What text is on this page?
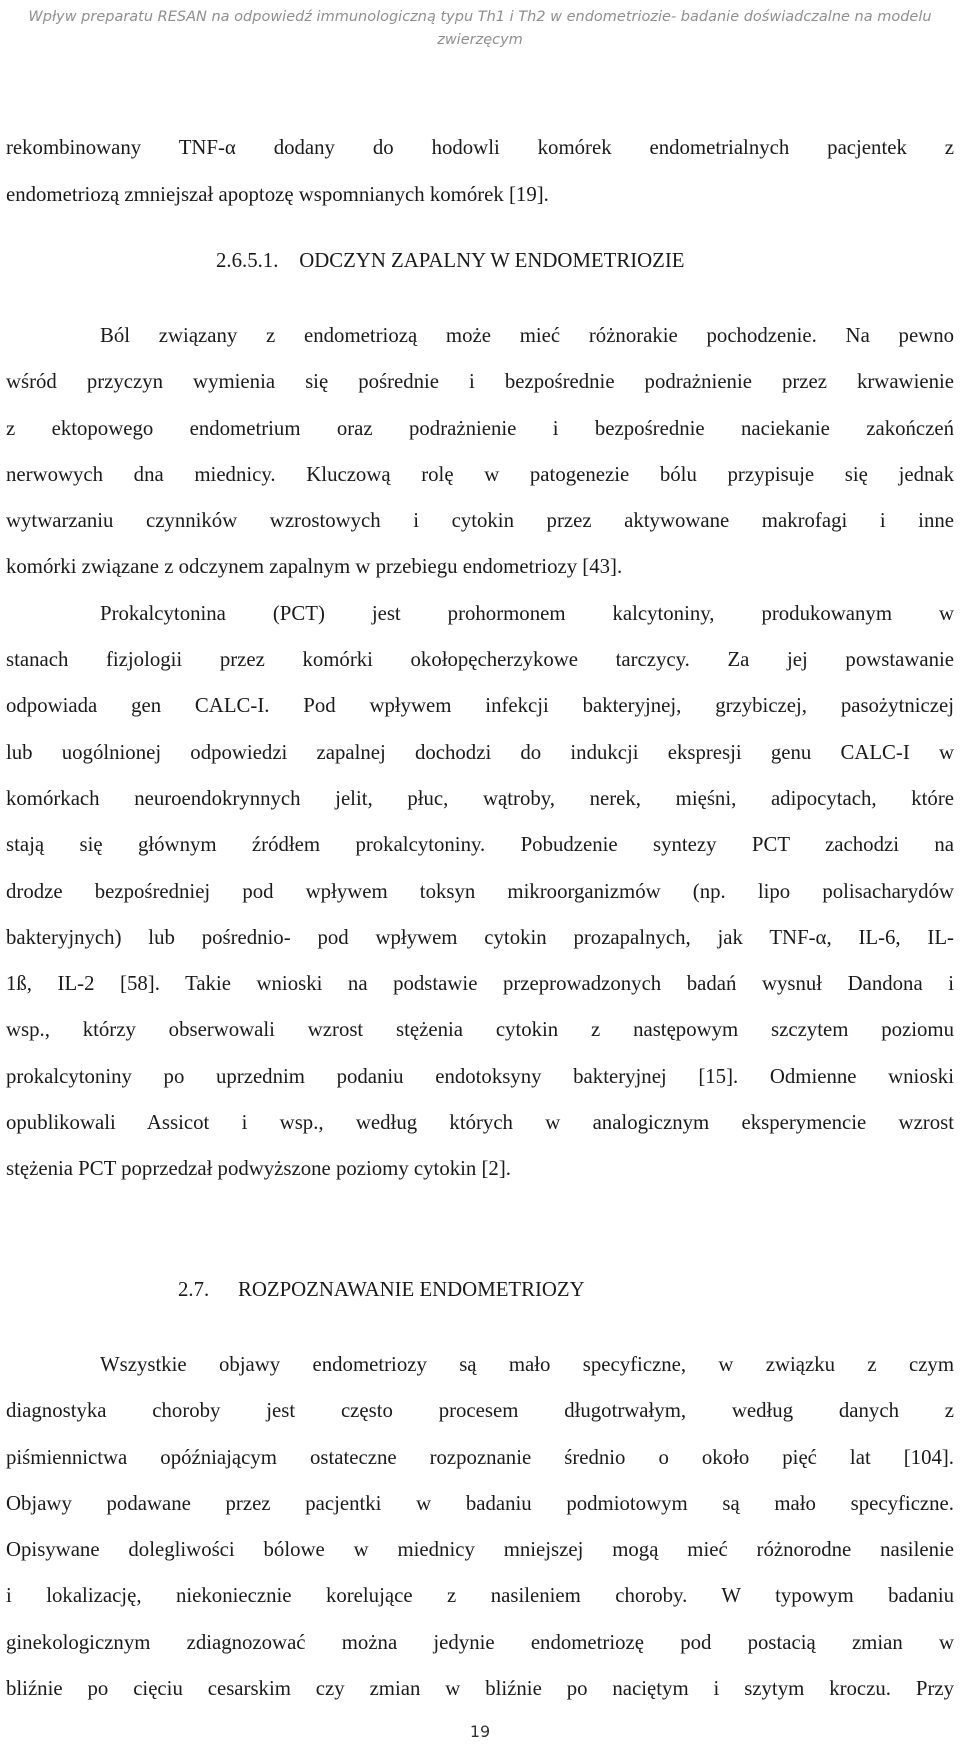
Wpływ preparatu RESAN na odpowiedź immunologiczną typu Th1 i Th2 w endometriozie- badanie doświadczalne na modelu
zwierzęcym
rekombinowany TNF-α dodany do hodowli komórek endometrialnych pacjentek z
endometriozą zmniejszał apoptozę wspomnianych komórek [19].
2.6.5.1. ODCZYN ZAPALNY W ENDOMETRIOZIE
Ból związany z endometriozą może mieć różnorakie pochodzenie. Na pewno
wśród przyczyn wymienia się pośrednie i bezpośrednie podrażnienie przez krwawienie
z ektopowego endometrium oraz podrażnienie i bezpośrednie naciekanie zakończeń
nerwowych dna miednicy. Kluczową rolę w patogenezie bólu przypisuje się jednak
wytwarzaniu czynników wzrostowych i cytokin przez aktywowane makrofagi i inne
komórki związane z odczynem zapalnym w przebiegu endometriozy [43].
Prokalcytonina (PCT) jest prohormonem kalcytoniny, produkowanym w
stanach fizjologii przez komórki okołopęcherzykowe tarczycy. Za jej powstawanie
odpowiada gen CALC-I. Pod wpływem infekcji bakteryjnej, grzybiczej, pasożytniczej
lub uogólnionej odpowiedzi zapalnej dochodzi do indukcji ekspresji genu CALC-I w
komórkach neuroendokrynnych jelit, płuc, wątroby, nerek, mięśni, adipocytach, które
stają się głównym źródłem prokalcytoniny. Pobudzenie syntezy PCT zachodzi na
drodze bezpośredniej pod wpływem toksyn mikroorganizmów (np. lipo polisacharydów
bakteryjnych) lub pośrednio- pod wpływem cytokin prozapalnych, jak TNF-α, IL-6, IL-
1ß, IL-2 [58]. Takie wnioski na podstawie przeprowadzonych badań wysnuł Dandona i
wsp., którzy obserwowali wzrost stężenia cytokin z następowym szczytem poziomu
prokalcytoniny po uprzednim podaniu endotoksyny bakteryjnej [15]. Odmienne wnioski
opublikowali Assicot i wsp., według których w analogicznym eksperymencie wzrost
stężenia PCT poprzedzał podwyższone poziomy cytokin [2].
2.7. ROZPOZNAWANIE ENDOMETRIOZY
Wszystkie objawy endometriozy są mało specyficzne, w związku z czym
diagnostyka choroby jest często procesem długotrwałym, według danych z
piśmiennictwa opóźniającym ostateczne rozpoznanie średnio o około pięć lat [104].
Objawy podawane przez pacjentki w badaniu podmiotowym są mało specyficzne.
Opisywane dolegliwości bólowe w miednicy mniejszej mogą mieć różnorodne nasilenie
i lokalizację, niekoniecznie korelujące z nasileniem choroby. W typowym badaniu
ginekologicznym zdiagnozować można jedynie endometriozę pod postacią zmian w
bliźnie po cięciu cesarskim czy zmian w bliźnie po naciętym i szytym kroczu. Przy
19
